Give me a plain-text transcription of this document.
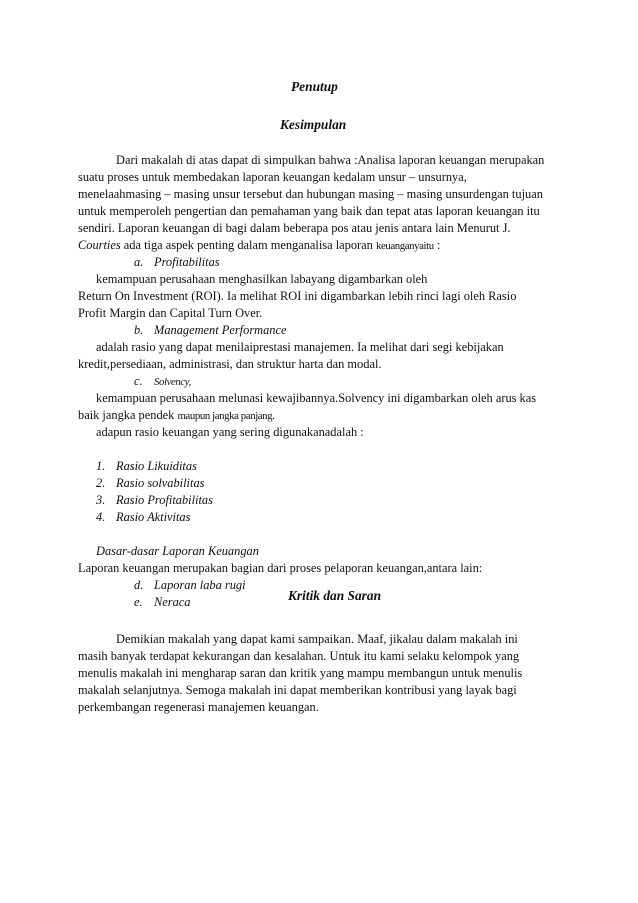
Penutup
Kesimpulan
Dari makalah di atas dapat di simpulkan bahwa :Analisa laporan keuangan merupakan
suatu proses untuk membedakan laporan keuangan kedalam unsur – unsurnya,
menelaahmasing – masing unsur tersebut dan hubungan masing – masing unsurdengan tujuan
untuk memperoleh pengertian dan pemahaman yang baik dan tepat atas laporan keuangan itu
sendiri. Laporan keuangan di bagi dalam beberapa pos atau jenis antara lain Menurut J.
Courties ada tiga aspek penting dalam menganalisa laporan keuanganyaitu :
a. Profitabilitas
kemampuan perusahaan menghasilkan labayang digambarkan oleh
Return On Investment (ROI). Ia melihat ROI ini digambarkan lebih rinci lagi oleh Rasio
Profit Margin dan Capital Turn Over.
b. Management Performance
adalah rasio yang dapat menilaiprestasi manajemen. Ia melihat dari segi kebijakan
kredit,persediaan, administrasi, dan struktur harta dan modal.
c. Solvency,
kemampuan perusahaan melunasi kewajibannya.Solvency ini digambarkan oleh arus kas
baik jangka pendek maupun jangka panjang.
adapun rasio keuangan yang sering digunakanadalah :
1. Rasio Likuiditas
2. Rasio solvabilitas
3. Rasio Profitabilitas
4. Rasio Aktivitas
Dasar-dasar Laporan Keuangan
Laporan keuangan merupakan bagian dari proses pelaporan keuangan,antara lain:
d. Laporan laba rugi
e. Neraca	Kritik dan Saran
Demikian makalah yang dapat kami sampaikan. Maaf, jikalau dalam makalah ini
masih banyak terdapat kekurangan dan kesalahan. Untuk itu kami selaku kelompok yang
menulis makalah ini mengharap saran dan kritik yang mampu membangun untuk menulis
makalah selanjutnya. Semoga makalah ini dapat memberikan kontribusi yang layak bagi
perkembangan regenerasi manajemen keuangan.
